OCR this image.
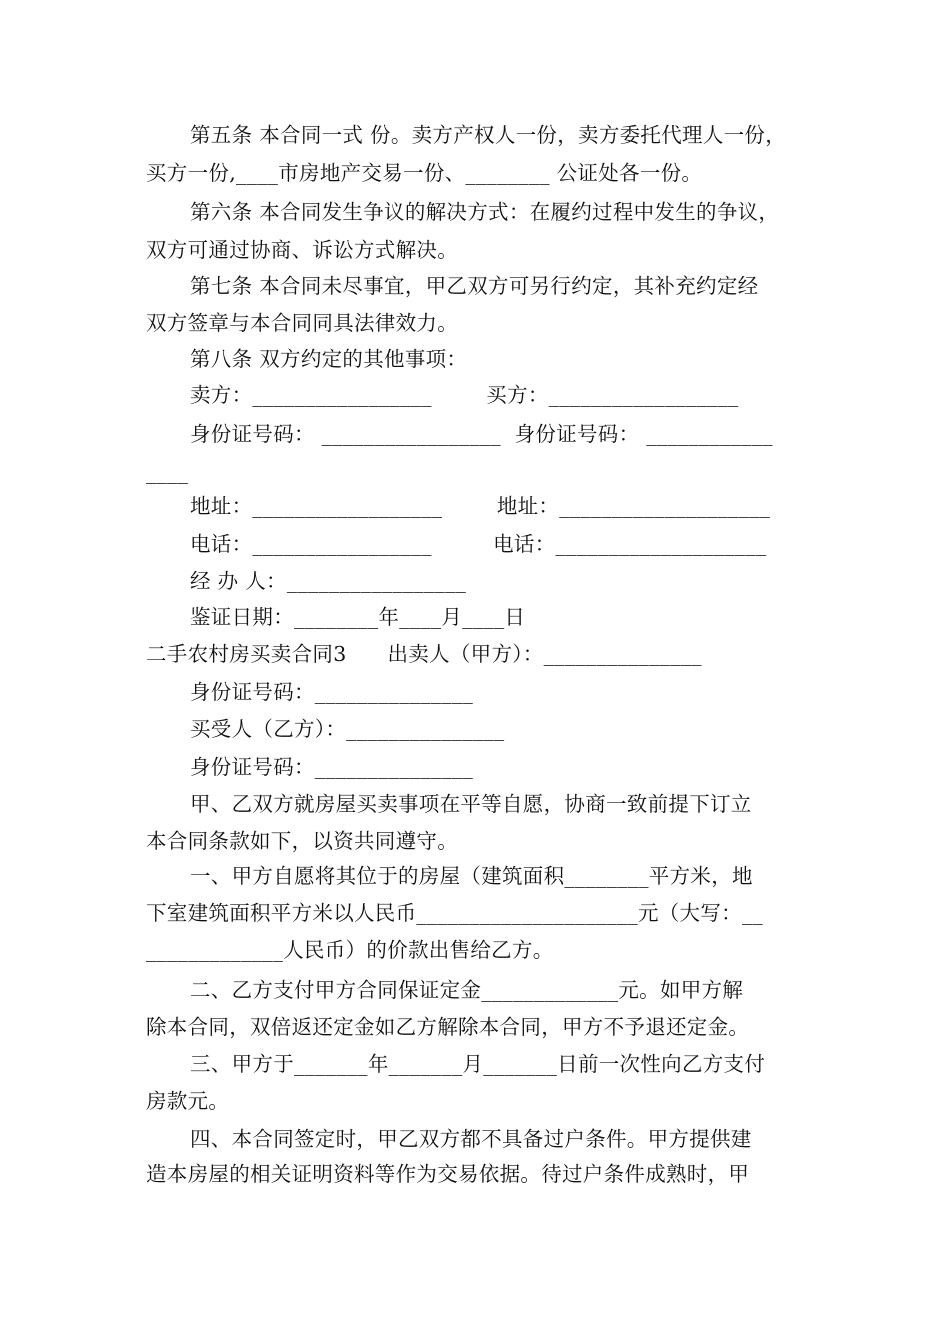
第五条 本合同一式 份。卖方产权人一份，卖方委托代理人一份，
买方一份,____市房地产交易一份、________ 公证处各一份。
第六条 本合同发生争议的解决方式：在履约过程中发生的争议，
双方可通过协商、诉讼方式解决。
第七条 本合同未尽事宜，甲乙双方可另行约定，其补充约定经
双方签章与本合同同具法律效力。
第八条 双方约定的其他事项：
卖方：_________________        买方：__________________
身份证号码： _________________  身份证号码： ____________
____
地址：__________________        地址：____________________
电话：_________________         电话：____________________
经 办 人：_________________
鉴证日期：________年____月____日
二手农村房买卖合同3      出卖人（甲方）：_______________
身份证号码：_______________
买受人（乙方）：_______________
身份证号码：_______________
甲、乙双方就房屋买卖事项在平等自愿，协商一致前提下订立
本合同条款如下，以资共同遵守。
一、甲方自愿将其位于的房屋（建筑面积________平方米，地
下室建筑面积平方米以人民币_____________________元（大写：__
_____________人民币）的价款出售给乙方。
二、乙方支付甲方合同保证定金_____________元。如甲方解
除本合同，双倍返还定金如乙方解除本合同，甲方不予退还定金。
三、甲方于_______年_______月_______日前一次性向乙方支付
房款元。
四、本合同签定时，甲乙双方都不具备过户条件。甲方提供建
造本房屋的相关证明资料等作为交易依据。待过户条件成熟时，甲
